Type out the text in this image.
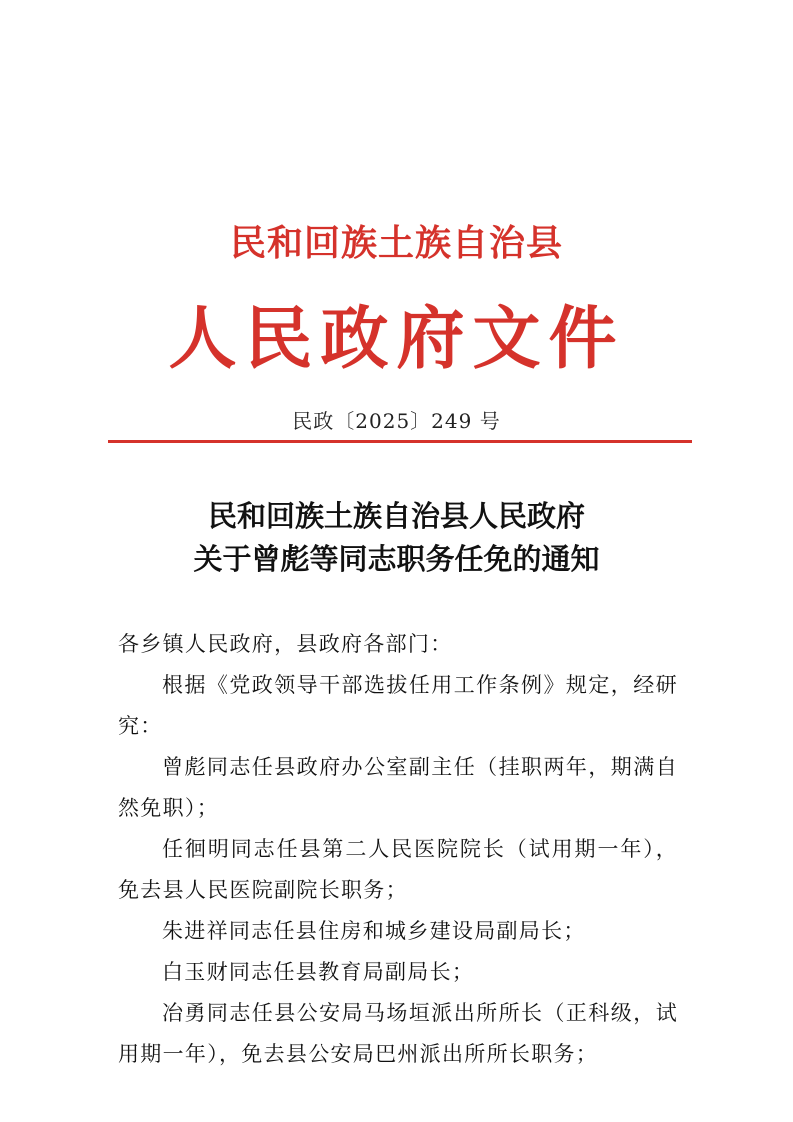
民和回族土族自治县
人民政府文件
民政〔2025〕249 号
民和回族土族自治县人民政府
关于曾彪等同志职务任免的通知

各乡镇人民政府，县政府各部门：

根据《党政领导干部选拔任用工作条例》规定，经研究：

曾彪同志任县政府办公室副主任（挂职两年，期满自然免职）；

任徊明同志任县第二人民医院院长（试用期一年），免去县人民医院副院长职务；

朱进祥同志任县住房和城乡建设局副局长；

白玉财同志任县教育局副局长；

冶勇同志任县公安局马场垣派出所所长（正科级，试用期一年），免去县公安局巴州派出所所长职务；
